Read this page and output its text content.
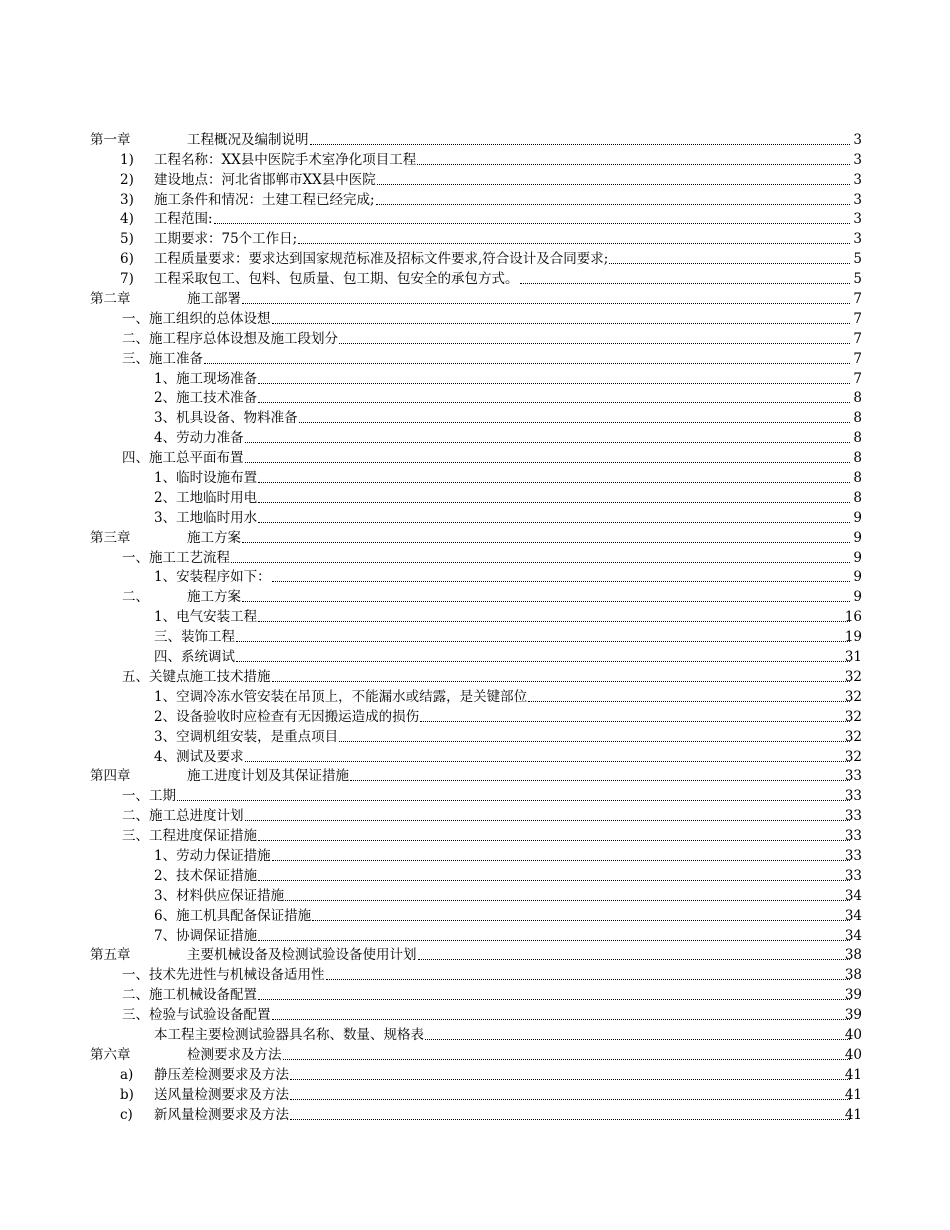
第一章	工程概况及编制说明	3
1) 工程名称：XX县中医院手术室净化项目工程	3
2) 建设地点：河北省邯郸市XX县中医院	3
3) 施工条件和情况：土建工程已经完成;	3
4) 工程范围:	3
5) 工期要求：75个工作日;	3
6) 工程质量要求：要求达到国家规范标准及招标文件要求,符合设计及合同要求;	5
7) 工程采取包工、包料、包质量、包工期、包安全的承包方式。	5
第二章	施工部署	7
一、施工组织的总体设想	7
二、施工程序总体设想及施工段划分	7
三、施工准备	7
1、施工现场准备	7
2、施工技术准备	8
3、机具设备、物料准备	8
4、劳动力准备	8
四、施工总平面布置	8
1、临时设施布置	8
2、工地临时用电	8
3、工地临时用水	9
第三章	施工方案	9
一、施工工艺流程	9
1、安装程序如下：	9
二、	施工方案	9
1、电气安装工程	16
三、装饰工程	19
四、系统调试	31
五、关键点施工技术措施	32
1、空调冷冻水管安装在吊顶上，不能漏水或结露，是关键部位	32
2、设备验收时应检查有无因搬运造成的损伤	32
3、空调机组安装，是重点项目	32
4、测试及要求	32
第四章	施工进度计划及其保证措施	33
一、工期	33
二、施工总进度计划	33
三、工程进度保证措施	33
1、劳动力保证措施	33
2、技术保证措施	33
3、材料供应保证措施	34
6、施工机具配备保证措施	34
7、协调保证措施	34
第五章	主要机械设备及检测试验设备使用计划	38
一、技术先进性与机械设备适用性	38
二、施工机械设备配置	39
三、检验与试验设备配置	39
本工程主要检测试验器具名称、数量、规格表	40
第六章	检测要求及方法	40
a) 静压差检测要求及方法	41
b) 送风量检测要求及方法	41
c) 新风量检测要求及方法	41
